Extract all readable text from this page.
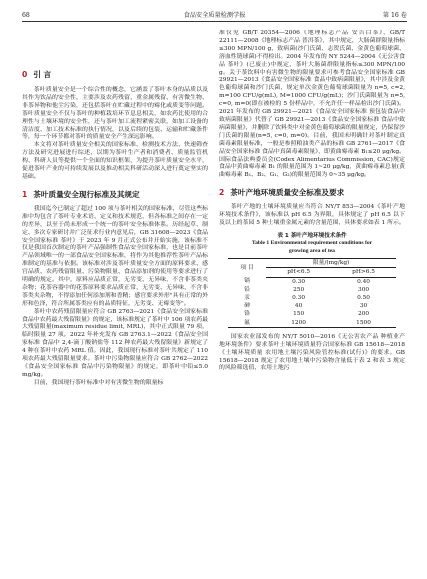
68	食品安全质量检测学报	第 16 卷
0 引 言

茶叶质量安全是一个综合性的概念，它涵盖了茶叶本身的品质以及其作为饮品的安全性，主要涉及农药残留、重金属残留、有害微生物、非茶异物和他尘污染，还包括茶叶在贮藏过程中的霉化或质变等问题。茶叶质量安全不仅与茶叶的种植栽培环节息息相关，如农药比使用的合理性与土壤环境的安全性，还与茶叶加工流程紧密关联，如加工设备的清洁度、加工技术标准的执行情况，以及后续的包装、运输和贮藏条件等，每一个环节都对茶叶的质量安全产生深远影响。

本文将对茶叶质量安全相关的国家标准、检测技术方法、快速筛查方法及研究进展进行综述，以期为茶叶生产者和消费者、质量监管机构、科研人员等提供一个全面的知识框架，为提升茶叶质量安全水平，促进茶叶产业的可持续发展以及推动相关科研活动深入进行奠定坚实的基础。

1 茶叶质量安全现行标准及其规定

我国迄今已制定了超过 100 项与茶叶相关的国家标准，尽管这些标准中均包含了茶叶专业术语、定义和技术规范，但各标准之间存在一定的差异，以至于尚未形成一个统一的茶叶安全标准体系。历经起草、制定、多次专家研讨并广泛征求行业内意见后，GB 31608—2023《食品安全国家标准 茶叶》于 2023 年 9 月正式公布并开始实施，该标准不仅是我国首次制定的茶叶产品强制性食品安全国家标准，也是目前茶叶产品领域唯一的一部食品安全国家标准，将作为其他推荐性茶叶产品标准制定的基准与依据。该标准对涉及茶叶质量安全方面的原料要求、感官品质、农药残留限量、污染物限量、食品添加剂的使用等要求进行了明确的规定。其中，原料应品质正常，无劣变、无异味，不含非茶类夹杂物；花茶容器中的花茶原料要求品质正常，无劣变、无异味，不含非茶类夹杂物，不得添加任何添加剂和香精；感官要求外形"具有正常的外形和色泽，符合所属茶类应有的品质特征，无劣变、无霉变等"。

茶叶中农药残留限量应符合 GB 2763—2021《食品安全国家标准 食品中农药最大残留限量》的规定，该标准规定了茶叶中 106 项农药最大残留限量(maximum residue limit, MRL)，其中正式限量 79 项，临时限量 27 项。2022 年补充发布 GB 2763.1—2022《食品安全国家标准 食品中 2,4-滴丁酸钠盐等 112 种农药最大残留限量》新规定了 4 种在茶叶中农药 MRL 值。因此，我国现行标准对茶叶共规定了 110 项农药最大残留限量要求。茶叶中污染物限量应符合 GB 2762—2022《食品安全国家标准 食品中污染物限量》的规定，即茶叶中铅≤5.0 mg/kg。

目前，我国现行茶叶标准中对有害微生物的限量标

准仅见 GB/T 20354—2006《地理标志产品 安吉白茶》、GB/T 22111—2008《地理标志产品 普洱茶》，其中规定，大肠菌群限量指标≤300 MPN/100 g，致病菌(沙门氏菌、志贺氏菌、金黄色葡萄球菌、溶血性链球菌)不得检出。2004 年发布的 NY 5244—2004《无公害食品 茶叶》(已废止)中规定，茶叶大肠菌群限量指标≤300 MPN/100 g。关于茶饮料中有害微生物的限量要求可参考食品安全国家标准 GB 29921—2013《食品安全国家标准 食品中致病菌限量》，其中涉及金黄色葡萄球菌和沙门氏菌，规定单次金黄色葡萄球菌限量为 n=5, c=2, m=100 CFU/g(mL), M=1000 CFU/g(mL)；沙门氏菌限量为 n=5, c=0, m=0(即在被检的 5 份样品中，不允许任一样品检出沙门氏菌)。2021 年发布的 GB 29921—2021《食品安全国家标准 预包装食品中致病菌限量》代替了 GB 29921—2013《食品安全国家标准 食品中致病菌限量》，并删除了饮料类中对金黄色葡萄球菌的限量规定，仍保留沙门氏菌的限量(n=5, c=0, m=0)。目前，我国未明确针对茶叶制定真菌毒素限量标准，一般是参照粮油类产品的标准 GB 2761—2017《食品安全国家标准 食品中真菌毒素限量》，即黄曲霉毒素 B₁≤20 μg/kg。国际食品法典委员会(Codex Alimentarius Commission, CAC)规定食品中黄曲霉毒素 B₁ 的限量范围为 1~20 μg/kg，黄曲霉毒素总量(黄曲霉毒素 B₁、B₂、G₁、G₂)的限量范围为 0~35 μg/kg。

2 茶叶产地环境质量安全标准及要求

茶叶产地的土壤环境质量应当符合 NY/T 853—2004《茶叶产地环境技术条件》，该标准以 pH 6.5 为界限，具体规定了 pH 6.5 以下及以上的茶园 5 种土壤重金属元素的含量范围，具体要求如表 1 所示。

表 1 茶叶产地环境技术条件
Table 1 Environmental requirement conditions for
growing area of tea
项 目	限量/(mg/kg)	
	pH<6.5	pH>6.5
镉	0.30	0.40
铅	250	300
汞	0.30	0.50
砷	40	30
铬	150	200
氟	1200	1500

国家农业部发布的 NY/T 5010—2016《无公害农产品 种植业产地环境条件》要求茶叶土壤环境质量符合国家标准 GB 15618—2018《土壤环境质量 农用地土壤污染风险管控标准(试行)》的要求。GB 15618—2018 规定了农用地土壤中污染物含量低于表 2 和表 3 规定的风险筛选值，农用土地污
